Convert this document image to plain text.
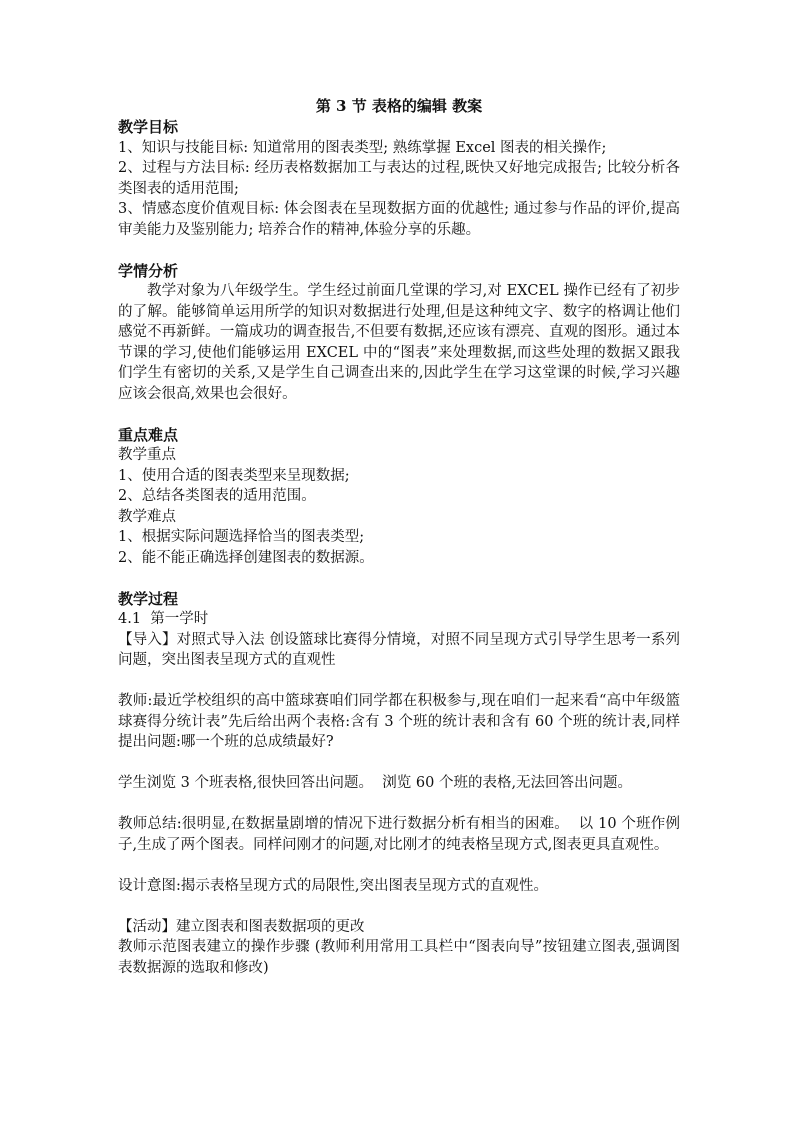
第 3 节 表格的编辑 教案
教学目标
1、知识与技能目标: 知道常用的图表类型; 熟练掌握 Excel 图表的相关操作;
2、过程与方法目标: 经历表格数据加工与表达的过程,既快又好地完成报告; 比较分析各类图表的适用范围;
3、情感态度价值观目标: 体会图表在呈现数据方面的优越性; 通过参与作品的评价,提高审美能力及鉴别能力; 培养合作的精神,体验分享的乐趣。
学情分析
教学对象为八年级学生。学生经过前面几堂课的学习,对 EXCEL 操作已经有了初步的了解。能够简单运用所学的知识对数据进行处理,但是这种纯文字、数字的格调让他们感觉不再新鲜。一篇成功的调查报告,不但要有数据,还应该有漂亮、直观的图形。通过本节课的学习,使他们能够运用 EXCEL 中的“图表”来处理数据,而这些处理的数据又跟我们学生有密切的关系,又是学生自己调查出来的,因此学生在学习这堂课的时候,学习兴趣应该会很高,效果也会很好。
重点难点
教学重点
1、使用合适的图表类型来呈现数据;
2、总结各类图表的适用范围。
教学难点
1、根据实际问题选择恰当的图表类型;
2、能不能正确选择创建图表的数据源。
教学过程
4.1  第一学时
【导入】对照式导入法 创设篮球比赛得分情境，对照不同呈现方式引导学生思考一系列问题，突出图表呈现方式的直观性
教师:最近学校组织的高中篮球赛咱们同学都在积极参与,现在咱们一起来看“高中年级篮球赛得分统计表”先后给出两个表格:含有 3 个班的统计表和含有 60 个班的统计表,同样提出问题:哪一个班的总成绩最好?
学生浏览 3 个班表格,很快回答出问题。  浏览 60 个班的表格,无法回答出问题。
教师总结:很明显,在数据量剧增的情况下进行数据分析有相当的困难。  以 10 个班作例子,生成了两个图表。同样问刚才的问题,对比刚才的纯表格呈现方式,图表更具直观性。
设计意图:揭示表格呈现方式的局限性,突出图表呈现方式的直观性。
【活动】建立图表和图表数据项的更改
教师示范图表建立的操作步骤 (教师利用常用工具栏中“图表向导”按钮建立图表,强调图表数据源的选取和修改)
